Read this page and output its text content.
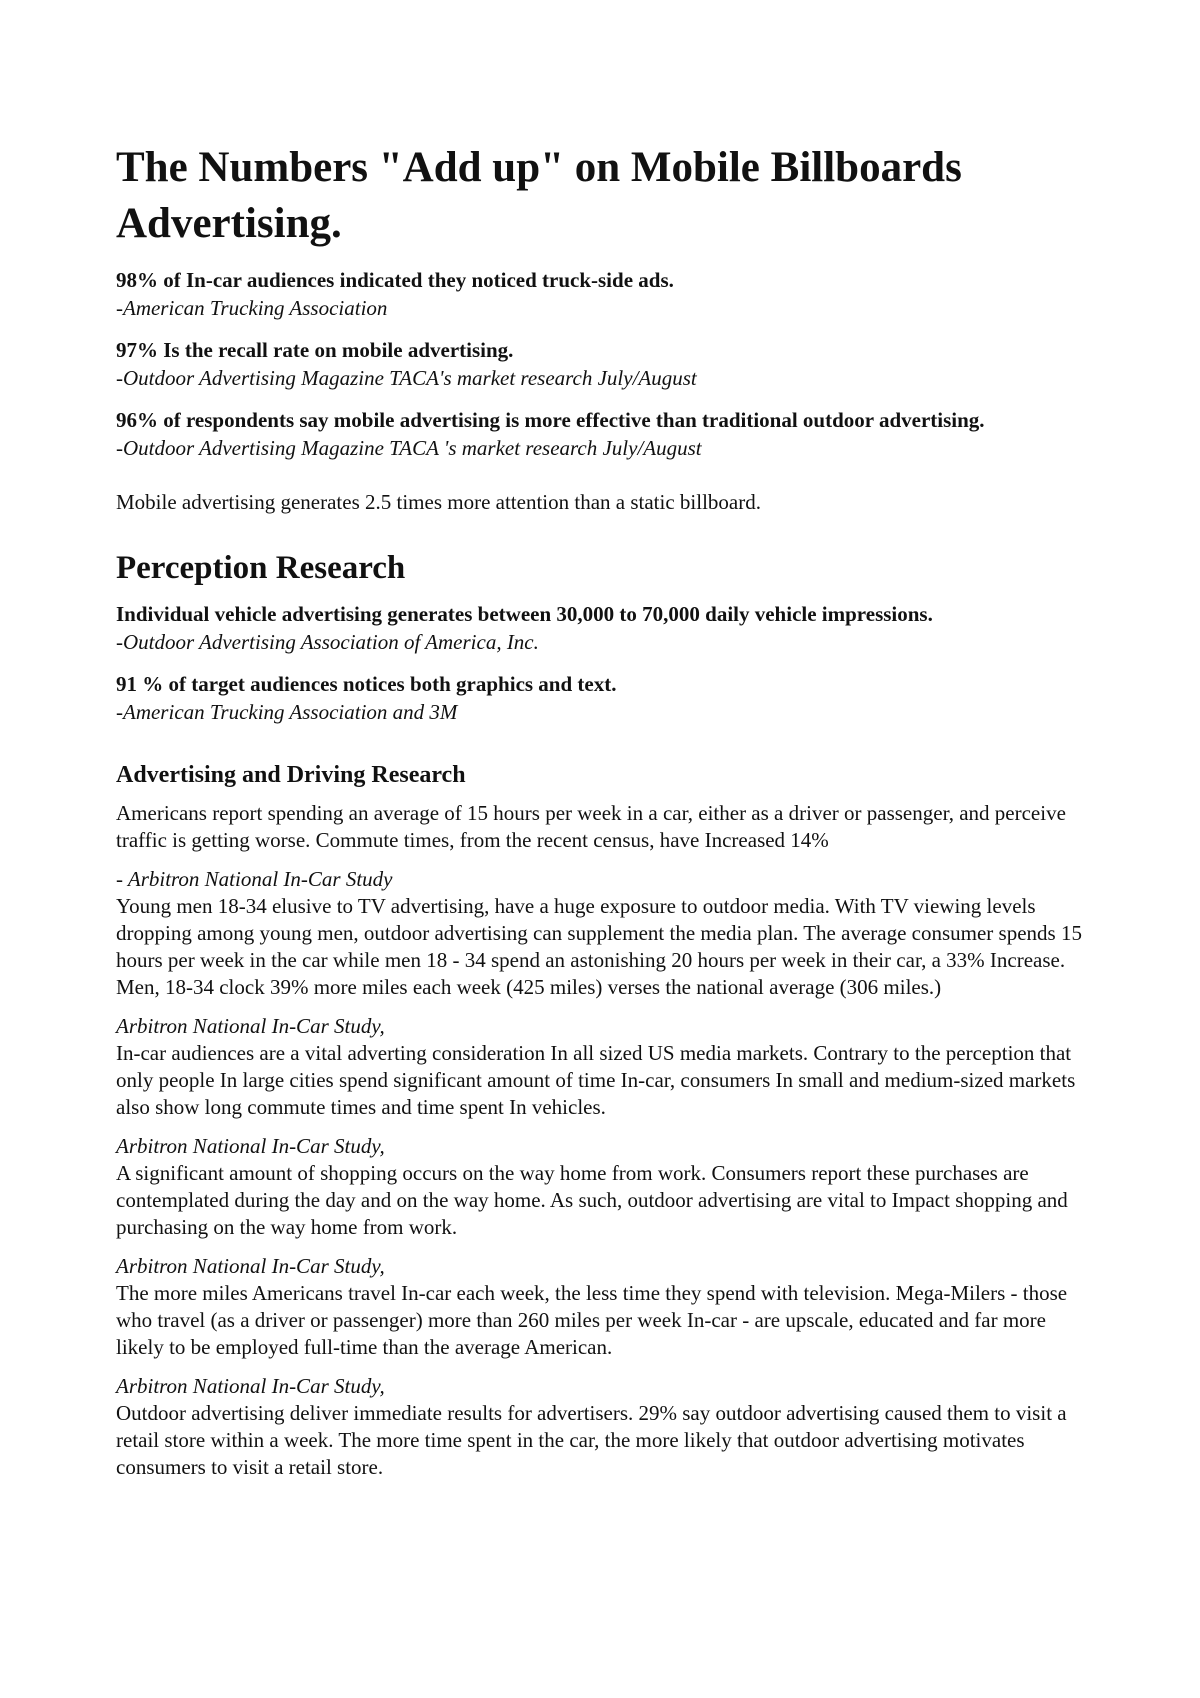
The Numbers "Add up" on Mobile Billboards Advertising.
98% of In-car audiences indicated they noticed truck-side ads.
-American Trucking Association
97% Is the recall rate on mobile advertising.
-Outdoor Advertising Magazine TACA's market research July/August
96% of respondents say mobile advertising is more effective than traditional outdoor advertising.
-Outdoor Advertising Magazine TACA 's market research July/August

Mobile advertising generates 2.5 times more attention than a static billboard.

Perception Research
Individual vehicle advertising generates between 30,000 to 70,000 daily vehicle impressions.
-Outdoor Advertising Association of America, Inc.
91 % of target audiences notices both graphics and text.
-American Trucking Association and 3M
Advertising and Driving Research

Americans report spending an average of 15 hours per week in a car, either as a driver or passenger, and perceive traffic is getting worse. Commute times, from the recent census, have Increased 14%

- Arbitron National In-Car Study
Young men 18-34 elusive to TV advertising, have a huge exposure to outdoor media. With TV viewing levels dropping among young men, outdoor advertising can supplement the media plan. The average consumer spends 15 hours per week in the car while men 18 - 34 spend an astonishing 20 hours per week in their car, a 33% Increase. Men, 18-34 clock 39% more miles each week (425 miles) verses the national average (306 miles.)
Arbitron National In-Car Study,
In-car audiences are a vital adverting consideration In all sized US media markets. Contrary to the perception that only people In large cities spend significant amount of time In-car, consumers In small and medium-sized markets also show long commute times and time spent In vehicles.
Arbitron National In-Car Study,
A significant amount of shopping occurs on the way home from work. Consumers report these purchases are contemplated during the day and on the way home. As such, outdoor advertising are vital to Impact shopping and purchasing on the way home from work.
Arbitron National In-Car Study,
The more miles Americans travel In-car each week, the less time they spend with television. Mega-Milers - those who travel (as a driver or passenger) more than 260 miles per week In-car - are upscale, educated and far more likely to be employed full-time than the average American.
Arbitron National In-Car Study,
Outdoor advertising deliver immediate results for advertisers. 29% say outdoor advertising caused them to visit a retail store within a week. The more time spent in the car, the more likely that outdoor advertising motivates consumers to visit a retail store.
